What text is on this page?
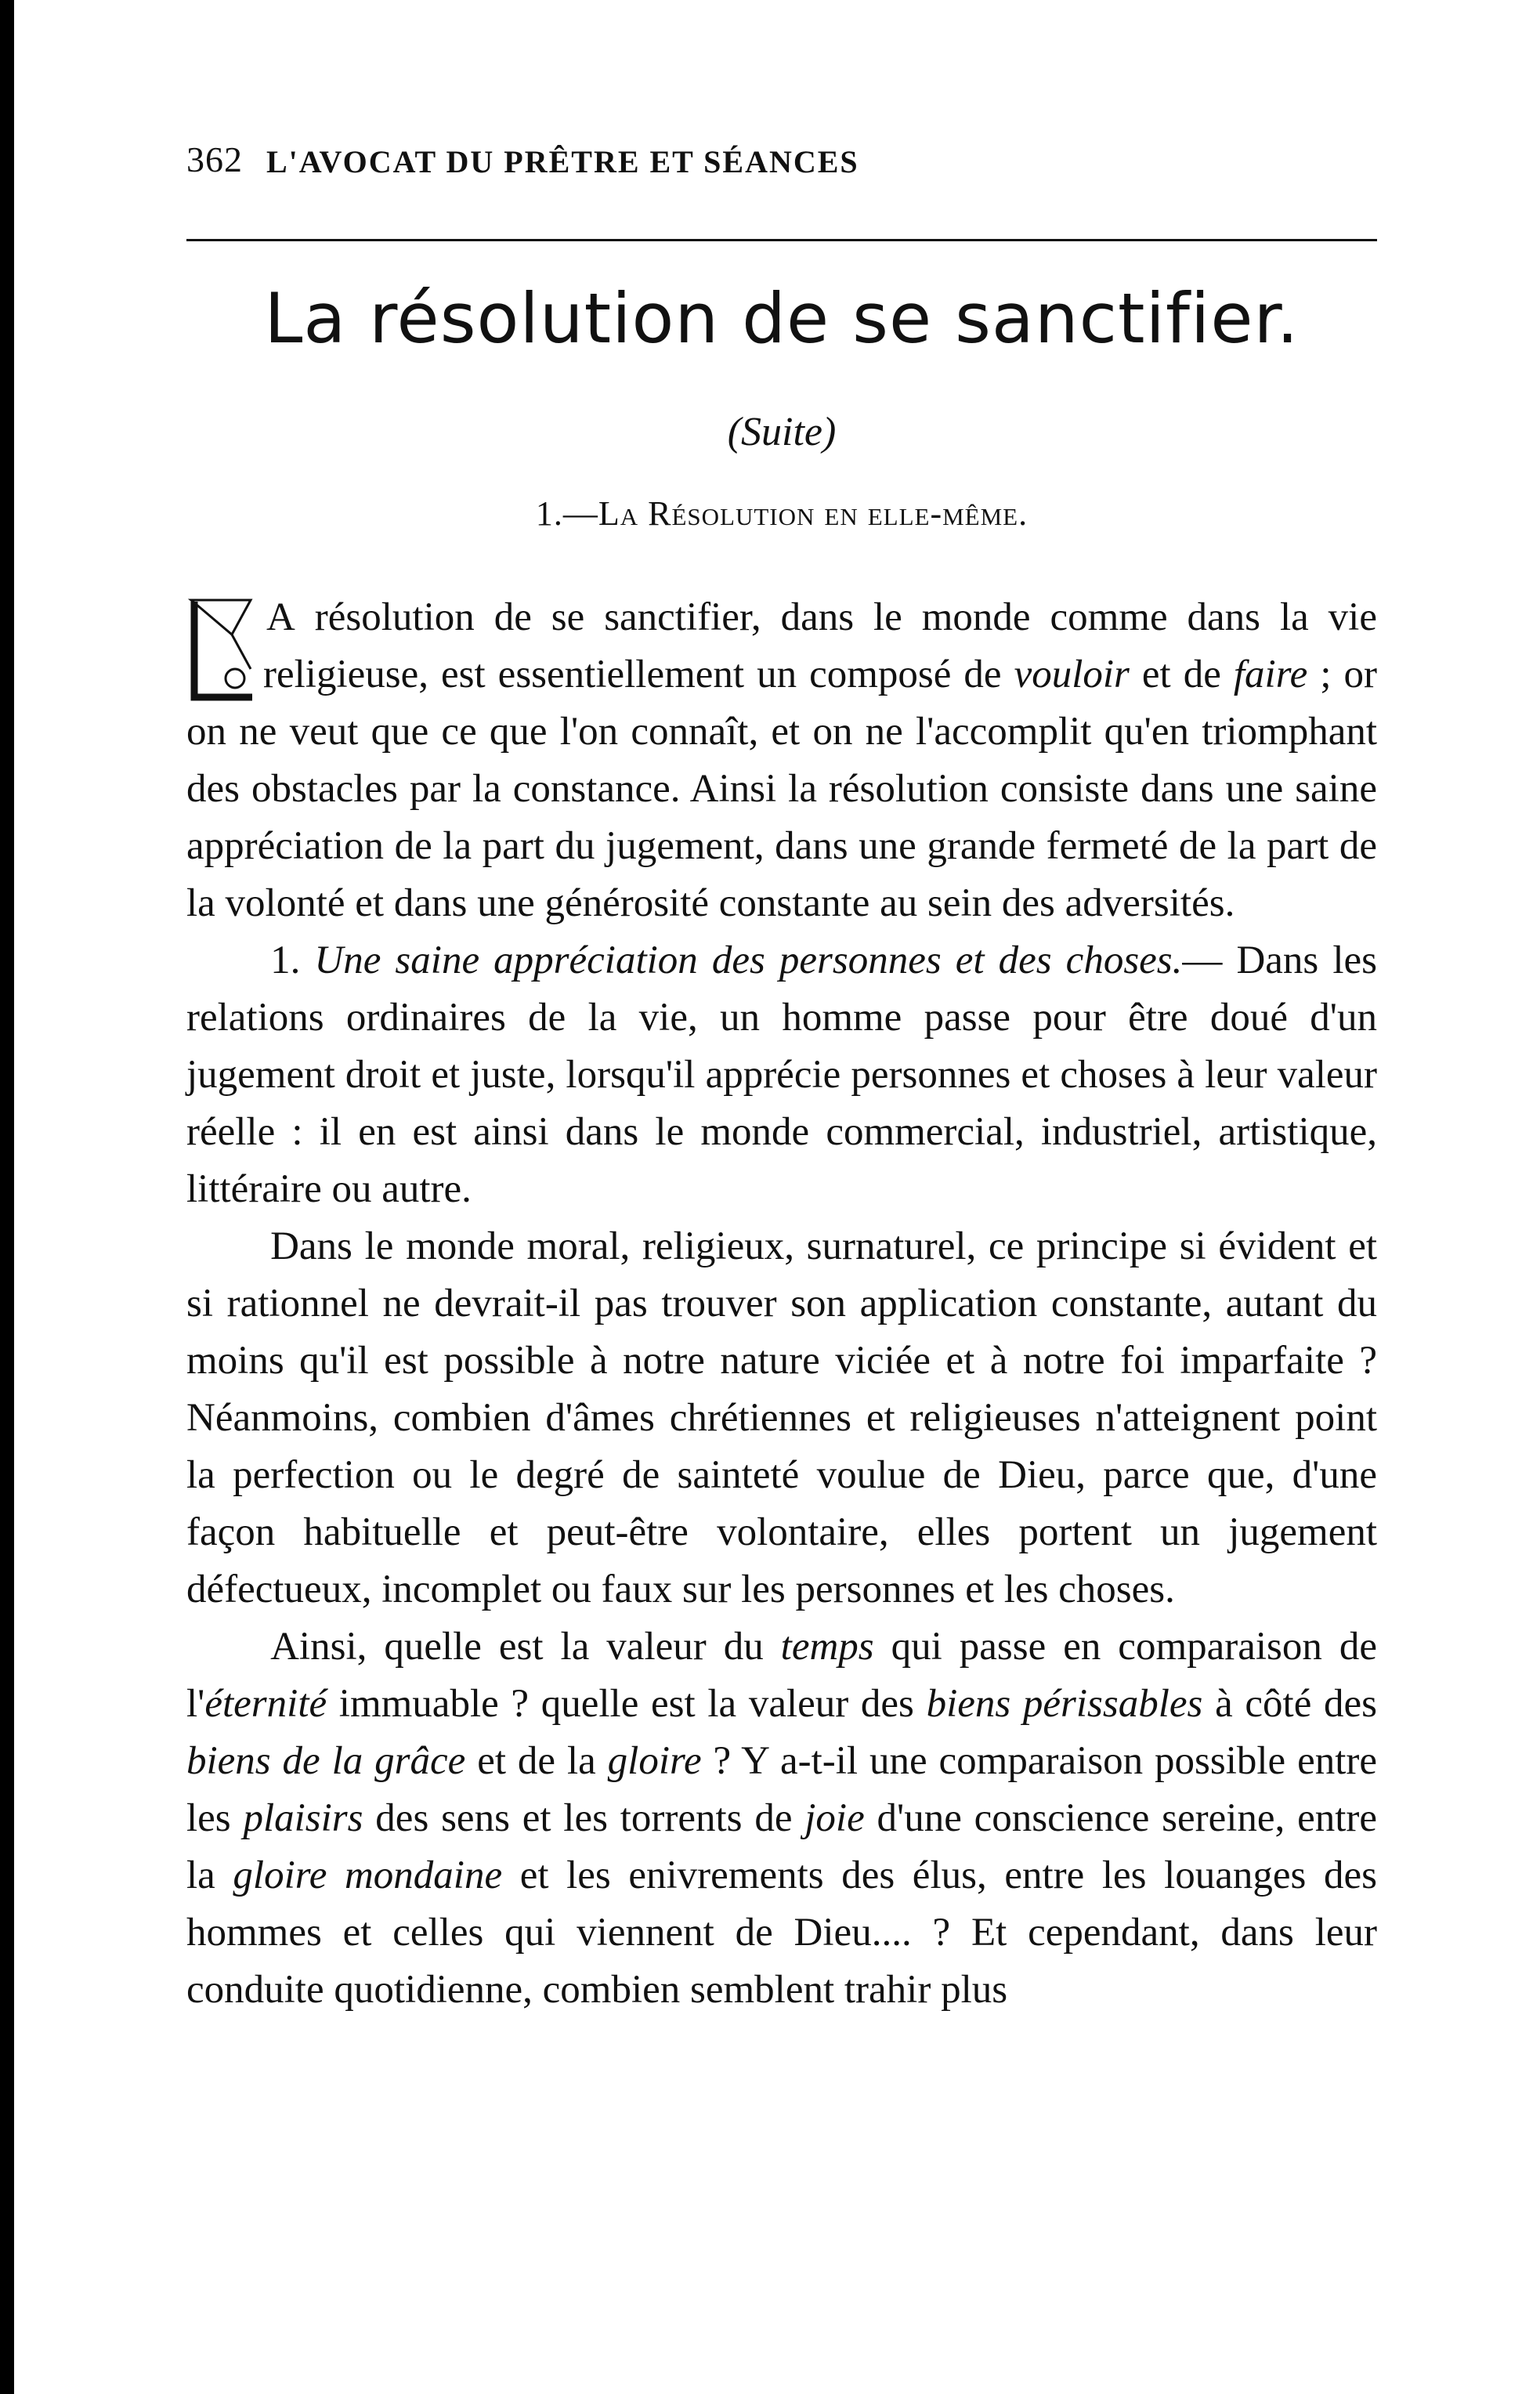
362 L'AVOCAT DU PRÊTRE ET SÉANCES
La résolution de se sanctifier.
(Suite)
1.—La Résolution en elle-même.

A résolution de se sanctifier, dans le monde comme dans la vie religieuse, est essentiellement un composé de vouloir et de faire ; or on ne veut que ce que l'on connaît, et on ne l'accomplit qu'en triomphant des obstacles par la constance. Ainsi la résolution consiste dans une saine appréciation de la part du jugement, dans une grande fermeté de la part de la volonté et dans une générosité constante au sein des adversités.

1. Une saine appréciation des personnes et des choses.— Dans les relations ordinaires de la vie, un homme passe pour être doué d'un jugement droit et juste, lorsqu'il apprécie personnes et choses à leur valeur réelle : il en est ainsi dans le monde commercial, industriel, artistique, littéraire ou autre.

Dans le monde moral, religieux, surnaturel, ce principe si évident et si rationnel ne devrait-il pas trouver son application constante, autant du moins qu'il est possible à notre nature viciée et à notre foi imparfaite ? Néanmoins, combien d'âmes chrétiennes et religieuses n'atteignent point la perfection ou le degré de sainteté voulue de Dieu, parce que, d'une façon habituelle et peut-être volontaire, elles portent un jugement défectueux, incomplet ou faux sur les personnes et les choses.

Ainsi, quelle est la valeur du temps qui passe en comparaison de l'éternité immuable ? quelle est la valeur des biens périssables à côté des biens de la grâce et de la gloire ? Y a-t-il une comparaison possible entre les plaisirs des sens et les torrents de joie d'une conscience sereine, entre la gloire mondaine et les enivrements des élus, entre les louanges des hommes et celles qui viennent de Dieu.... ? Et cependant, dans leur conduite quotidienne, combien semblent trahir plus
